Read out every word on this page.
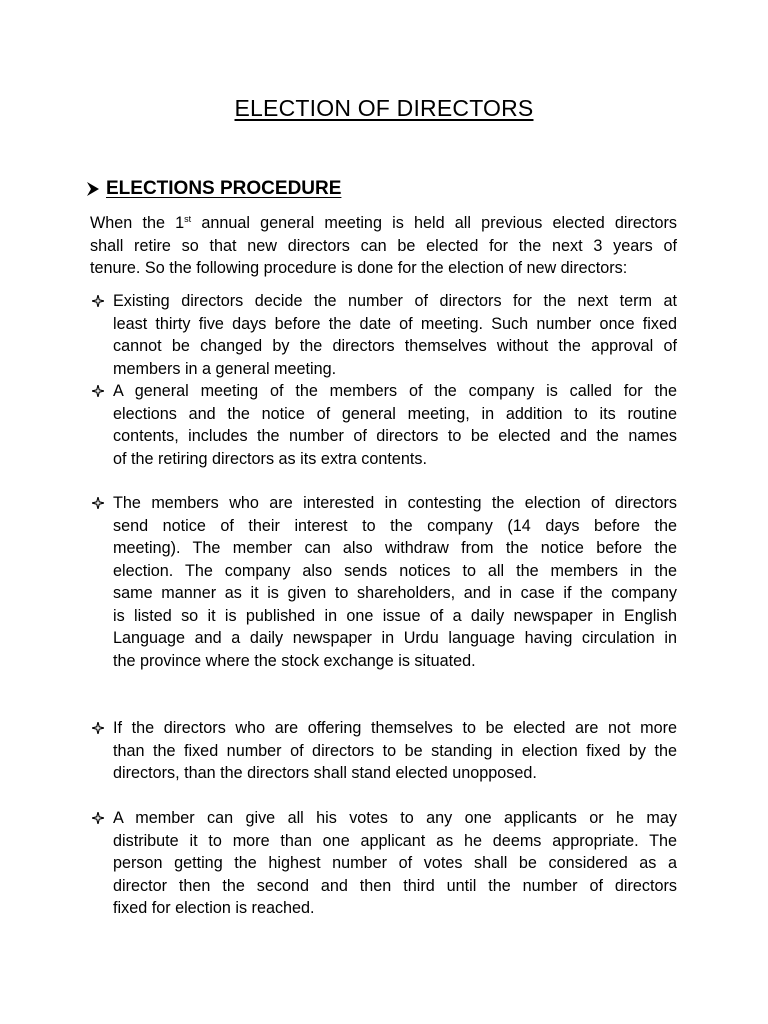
ELECTION OF DIRECTORS
ELECTIONS PROCEDURE
When the 1st annual general meeting is held all previous elected directors
shall retire so that new directors can be elected for the next 3 years of
tenure. So the following procedure is done for the election of new directors:
Existing directors decide the number of directors for the next term at
least thirty five days before the date of meeting. Such number once fixed
cannot be changed by the directors themselves without the approval of
members in a general meeting.
A general meeting of the members of the company is called for the
elections and the notice of general meeting, in addition to its routine
contents, includes the number of directors to be elected and the names
of the retiring directors as its extra contents.
The members who are interested in contesting the election of directors
send notice of their interest to the company (14 days before the
meeting). The member can also withdraw from the notice before the
election. The company also sends notices to all the members in the
same manner as it is given to shareholders, and in case if the company
is listed so it is published in one issue of a daily newspaper in English
Language and a daily newspaper in Urdu language having circulation in
the province where the stock exchange is situated.
If the directors who are offering themselves to be elected are not more
than the fixed number of directors to be standing in election fixed by the
directors, than the directors shall stand elected unopposed.
A member can give all his votes to any one applicants or he may
distribute it to more than one applicant as he deems appropriate. The
person getting the highest number of votes shall be considered as a
director then the second and then third until the number of directors
fixed for election is reached.
